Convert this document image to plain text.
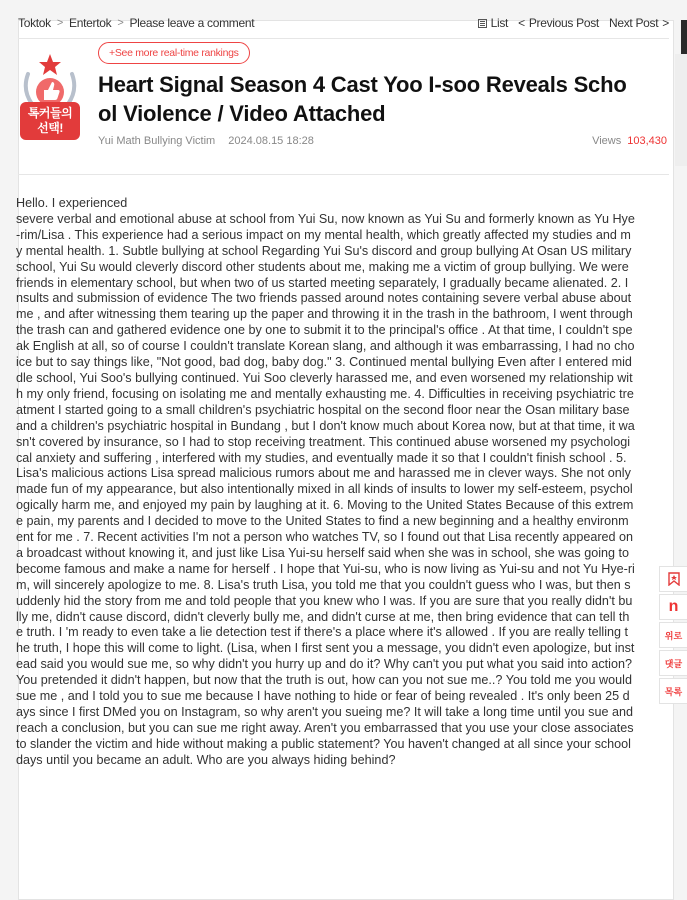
Toktok > Entertok > Please leave a comment	List < Previous Post Next Post >
톡커들의
선택!
+See more real-time rankings
Heart Signal Season 4 Cast Yoo I-soo Reveals School Violence / Video Attached
Yui Math Bullying Victim 2024.08.15 18:28	Views 103,430

Hello. I experienced

severe verbal and emotional abuse at school from Yui Su, now known as Yui Su and formerly known as Yu Hye-rim/Lisa . This experience had a serious impact on my mental health, which greatly affected my studies and my mental health. 1. Subtle bullying at school Regarding Yui Su's discord and group bullying At Osan US military school, Yui Su would cleverly discord other students about me, making me a victim of group bullying. We were friends in elementary school, but when two of us started meeting separately, I gradually became alienated. 2. Insults and submission of evidence The two friends passed around notes containing severe verbal abuse about me , and after witnessing them tearing up the paper and throwing it in the trash in the bathroom, I went through the trash can and gathered evidence one by one to submit it to the principal's office . At that time, I couldn't speak English at all, so of course I couldn't translate Korean slang, and although it was embarrassing, I had no choice but to say things like, "Not good, bad dog, baby dog." 3. Continued mental bullying Even after I entered middle school, Yui Soo's bullying continued. Yui Soo cleverly harassed me, and even worsened my relationship with my only friend, focusing on isolating me and mentally exhausting me. 4. Difficulties in receiving psychiatric treatment I started going to a small children's psychiatric hospital on the second floor near the Osan military base and a children's psychiatric hospital in Bundang , but I don't know much about Korea now, but at that time, it wasn't covered by insurance, so I had to stop receiving treatment. This continued abuse worsened my psychological anxiety and suffering , interfered with my studies, and eventually made it so that I couldn't finish school . 5. Lisa's malicious actions Lisa spread malicious rumors about me and harassed me in clever ways. She not only made fun of my appearance, but also intentionally mixed in all kinds of insults to lower my self-esteem, psychologically harm me, and enjoyed my pain by laughing at it. 6. Moving to the United States Because of this extreme pain, my parents and I decided to move to the United States to find a new beginning and a healthy environment for me . 7. Recent activities I'm not a person who watches TV, so I found out that Lisa recently appeared on a broadcast without knowing it, and just like Lisa Yui-su herself said when she was in school, she was going to become famous and make a name for herself . I hope that Yui-su, who is now living as Yui-su and not Yu Hye-rim, will sincerely apologize to me. 8. Lisa's truth Lisa, you told me that you couldn't guess who I was, but then suddenly hid the story from me and told people that you knew who I was. If you are sure that you really didn't bully me, didn't cause discord, didn't cleverly bully me, and didn't curse at me, then bring evidence that can tell the truth. I 'm ready to even take a lie detection test if there's a place where it's allowed . If you are really telling the truth, I hope this will come to light. (Lisa, when I first sent you a message, you didn't even apologize, but instead said you would sue me, so why didn't you hurry up and do it? Why can't you put what you said into action? You pretended it didn't happen, but now that the truth is out, how can you not sue me..? You told me you would sue me , and I told you to sue me because I have nothing to hide or fear of being revealed . It's only been 25 days since I first DMed you on Instagram, so why aren't you sueing me? It will take a long time until you sue and reach a conclusion, but you can sue me right away. Aren't you embarrassed that you use your close associates to slander the victim and hide without making a public statement? You haven't changed at all since your school days until you became an adult. Who are you always hiding behind?

n
위로
댓글
목록
